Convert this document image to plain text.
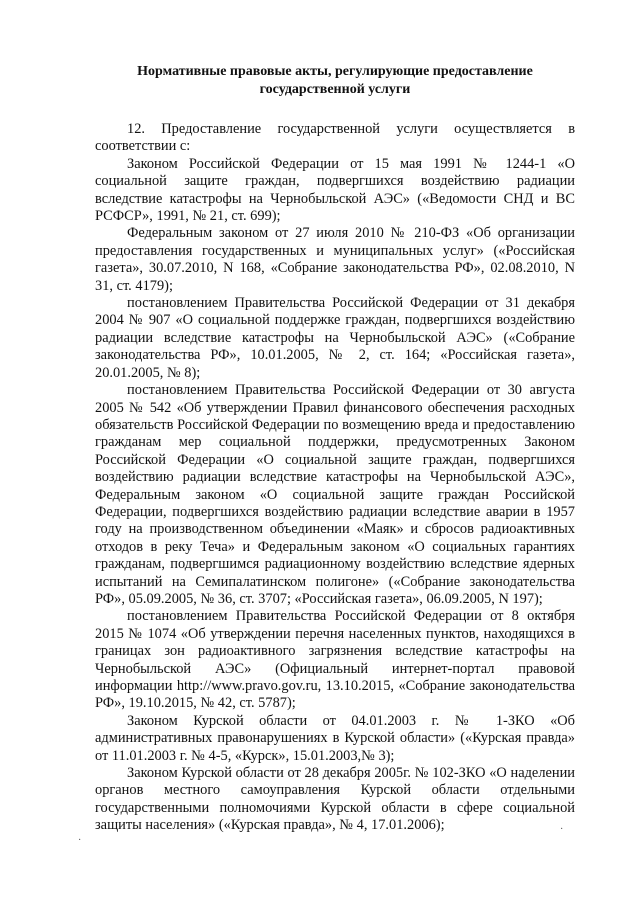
Нормативные правовые акты, регулирующие предоставление
государственной услуги

12. Предоставление государственной услуги осуществляется в соответствии с:

Законом Российской Федерации от 15 мая 1991 № 1244-1 «О социальной защите граждан, подвергшихся воздействию радиации вследствие катастрофы на Чернобыльской АЭС» («Ведомости СНД и ВС РСФСР», 1991, № 21, ст. 699);

Федеральным законом от 27 июля 2010 № 210-ФЗ «Об организации предоставления государственных и муниципальных услуг» («Российская газета», 30.07.2010, N 168, «Собрание законодательства РФ», 02.08.2010, N 31, ст. 4179);

постановлением Правительства Российской Федерации от 31 декабря 2004 № 907 «О социальной поддержке граждан, подвергшихся воздействию радиации вследствие катастрофы на Чернобыльской АЭС» («Собрание законодательства РФ», 10.01.2005, № 2, ст. 164; «Российская газета», 20.01.2005, № 8);

постановлением Правительства Российской Федерации от 30 августа 2005 № 542 «Об утверждении Правил финансового обеспечения расходных обязательств Российской Федерации по возмещению вреда и предоставлению гражданам мер социальной поддержки, предусмотренных Законом Российской Федерации «О социальной защите граждан, подвергшихся воздействию радиации вследствие катастрофы на Чернобыльской АЭС», Федеральным законом «О социальной защите граждан Российской Федерации, подвергшихся воздействию радиации вследствие аварии в 1957 году на производственном объединении «Маяк» и сбросов радиоактивных отходов в реку Теча» и Федеральным законом «О социальных гарантиях гражданам, подвергшимся радиационному воздействию вследствие ядерных испытаний на Семипалатинском полигоне» («Собрание законодательства РФ», 05.09.2005, № 36, ст. 3707; «Российская газета», 06.09.2005, N 197);

постановлением Правительства Российской Федерации от 8 октября 2015 № 1074 «Об утверждении перечня населенных пунктов, находящихся в границах зон радиоактивного загрязнения вследствие катастрофы на Чернобыльской АЭС» (Официальный интернет-портал правовой информации http://www.pravo.gov.ru, 13.10.2015, «Собрание законодательства РФ», 19.10.2015, № 42, ст. 5787);

Законом Курской области от 04.01.2003 г. № 1-ЗКО «Об административных правонарушениях в Курской области» («Курская правда» от 11.01.2003 г. № 4-5, «Курск», 15.01.2003,№ 3);

Законом Курской области от 28 декабря 2005г. № 102-ЗКО «О наделении органов местного самоуправления Курской области отдельными государственными полномочиями Курской области в сфере социальной защиты населения» («Курская правда», № 4, 17.01.2006);

·
·
